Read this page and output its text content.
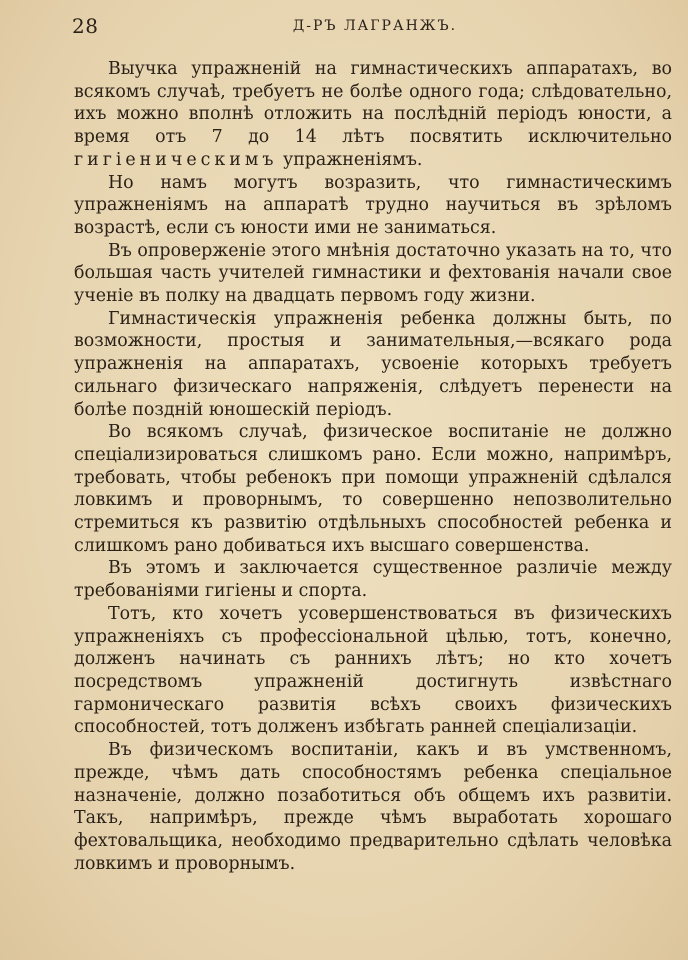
28	Д-РЪ ЛАГРАНЖЪ.

Выучка упражненій на гимнастическихъ аппаратахъ, во всякомъ случаѣ, требуетъ не болѣе одного года; слѣдовательно, ихъ можно вполнѣ отложить на послѣдній періодъ юности, а время отъ 7 до 14 лѣтъ посвятить исключительно гигіеническимъ упражненіямъ.

Но намъ могутъ возразить, что гимнастическимъ упражненіямъ на аппаратѣ трудно научиться въ зрѣломъ возрастѣ, если съ юности ими не заниматься.

Въ опроверженіе этого мнѣнія достаточно указать на то, что большая часть учителей гимнастики и фехтованія начали свое ученіе въ полку на двадцать первомъ году жизни.

Гимнастическія упражненія ребенка должны быть, по возможности, простыя и занимательныя,—всякаго рода упражненія на аппаратахъ, усвоеніе которыхъ требуетъ сильнаго физическаго напряженія, слѣдуетъ перенести на болѣе поздній юношескій періодъ.

Во всякомъ случаѣ, физическое воспитаніе не должно спеціализироваться слишкомъ рано. Если можно, напримѣръ, требовать, чтобы ребенокъ при помощи упражненій сдѣлался ловкимъ и проворнымъ, то совершенно непозволительно стремиться къ развитію отдѣльныхъ способностей ребенка и слишкомъ рано добиваться ихъ высшаго совершенства.

Въ этомъ и заключается существенное различіе между требованіями гигіены и спорта.

Тотъ, кто хочетъ усовершенствоваться въ физическихъ упражненіяхъ съ профессіональной цѣлью, тотъ, конечно, долженъ начинать съ раннихъ лѣтъ; но кто хочетъ посредствомъ упражненій достигнуть извѣстнаго гармоническаго развитія всѣхъ своихъ физическихъ способностей, тотъ долженъ избѣгать ранней спеціализаціи.

Въ физическомъ воспитаніи, какъ и въ умственномъ, прежде, чѣмъ дать способностямъ ребенка спеціальное назначеніе, должно позаботиться объ общемъ ихъ развитіи. Такъ, напримѣръ, прежде чѣмъ выработать хорошаго фехтовальщика, необходимо предварительно сдѣлать человѣка ловкимъ и проворнымъ.
